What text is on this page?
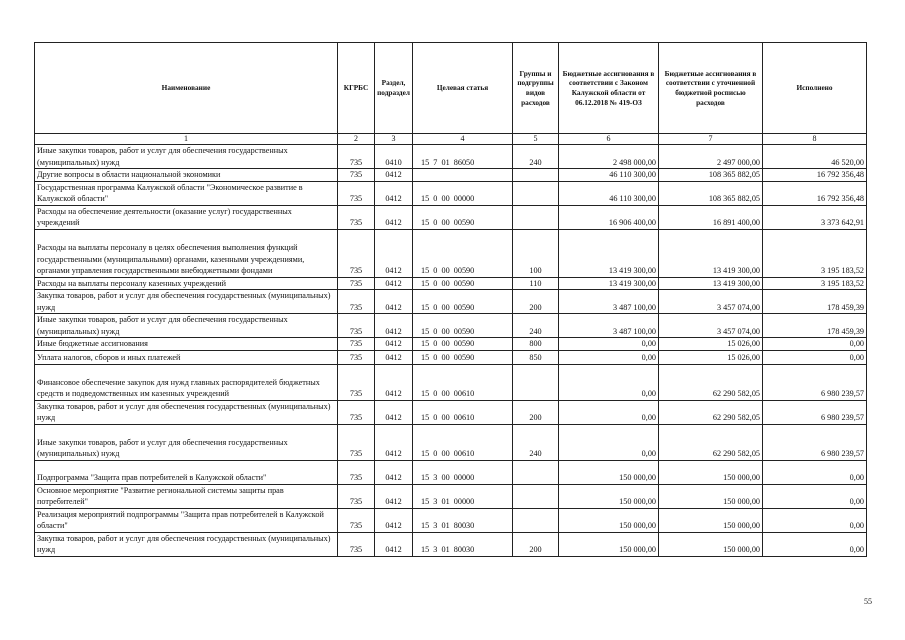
Наименование	КГРБС	Раздел, подраздел	Целевая статья	Группы и подгруппы видов расходов	Бюджетные ассигнования в соответствии с Законом Калужской области от 06.12.2018 № 419-ОЗ	Бюджетные ассигнования в соответствии с уточненной бюджетной росписью расходов	Исполнено
1	2	3	4	5	6	7	8
Иные закупки товаров, работ и услуг для обеспечения государственных (муниципальных) нужд	735	0410	15  7  01  86050	240	2 498 000,00	2 497 000,00	46 520,00
Другие вопросы в области национальной экономики	735	0412			46 110 300,00	108 365 882,05	16 792 356,48
Государственная программа Калужской области "Экономическое развитие в Калужской области"	735	0412	15  0  00  00000		46 110 300,00	108 365 882,05	16 792 356,48
Расходы на обеспечение деятельности (оказание услуг) государственных учреждений	735	0412	15  0  00  00590		16 906 400,00	16 891 400,00	3 373 642,91
Расходы на выплаты персоналу в целях обеспечения выполнения функций государственными (муниципальными) органами, казенными учреждениями, органами управления государственными внебюджетными фондами	735	0412	15  0  00  00590	100	13 419 300,00	13 419 300,00	3 195 183,52
Расходы на выплаты персоналу казенных учреждений	735	0412	15  0  00  00590	110	13 419 300,00	13 419 300,00	3 195 183,52
Закупка товаров, работ и услуг для обеспечения государственных (муниципальных) нужд	735	0412	15  0  00  00590	200	3 487 100,00	3 457 074,00	178 459,39
Иные закупки товаров, работ и услуг для обеспечения государственных (муниципальных) нужд	735	0412	15  0  00  00590	240	3 487 100,00	3 457 074,00	178 459,39
Иные бюджетные ассигнования	735	0412	15  0  00  00590	800	0,00	15 026,00	0,00
Уплата налогов, сборов и иных платежей	735	0412	15  0  00  00590	850	0,00	15 026,00	0,00
Финансовое обеспечение закупок для нужд главных распорядителей бюджетных средств и подведомственных им казенных учреждений	735	0412	15  0  00  00610		0,00	62 290 582,05	6 980 239,57
Закупка товаров, работ и услуг для обеспечения государственных (муниципальных) нужд	735	0412	15  0  00  00610	200	0,00	62 290 582,05	6 980 239,57
Иные закупки товаров, работ и услуг для обеспечения государственных (муниципальных) нужд	735	0412	15  0  00  00610	240	0,00	62 290 582,05	6 980 239,57
Подпрограмма "Защита прав потребителей в Калужской области"	735	0412	15  3  00  00000		150 000,00	150 000,00	0,00
Основное мероприятие "Развитие региональной системы защиты прав потребителей"	735	0412	15  3  01  00000		150 000,00	150 000,00	0,00
Реализация мероприятий подпрограммы "Защита прав потребителей в Калужской области"	735	0412	15  3  01  80030		150 000,00	150 000,00	0,00
Закупка товаров, работ и услуг для обеспечения государственных (муниципальных) нужд	735	0412	15  3  01  80030	200	150 000,00	150 000,00	0,00
55
